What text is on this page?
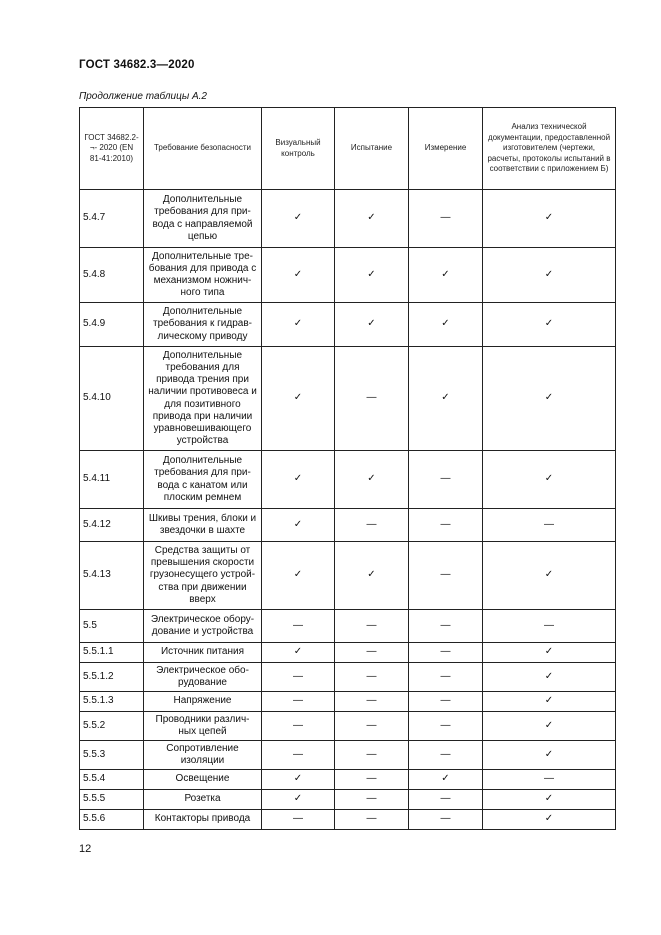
ГОСТ 34682.3—2020
Продолжение таблицы А.2
ГОСТ 34682.2-¬- 2020 (EN 81-41:2010)	Требование безопасности	Визуальный контроль	Испытание	Измерение	Анализ технической документации, предоставленной изготовителем (чертежи, расчеты, протоколы испытаний в соответствии с приложением Б)
5.4.7	Дополнительные требования для при-вода с направляемой цепью	✓	✓	—	✓
5.4.8	Дополнительные тре-бования для привода с механизмом ножнич-ного типа	✓	✓	✓	✓
5.4.9	Дополнительные требования к гидрав-лическому приводу	✓	✓	✓	✓
5.4.10	Дополнительные требования для привода трения при наличии противовеса и для позитивного привода при наличии уравновешивающего устройства	✓	—	✓	✓
5.4.11	Дополнительные требования для при-вода с канатом или плоским ремнем	✓	✓	—	✓
5.4.12	Шкивы трения, блоки и звездочки в шахте	✓	—	—	—
5.4.13	Средства защиты от превышения скорости грузонесущего устрой-ства при движении вверх	✓	✓	—	✓
5.5	Электрическое обору-дование и устройства	—	—	—	—
5.5.1.1	Источник питания	✓	—	—	✓
5.5.1.2	Электрическое обо-рудование	—	—	—	✓
5.5.1.3	Напряжение	—	—	—	✓
5.5.2	Проводники различ-ных цепей	—	—	—	✓
5.5.3	Сопротивление изоляции	—	—	—	✓
5.5.4	Освещение	✓	—	✓	—
5.5.5	Розетка	✓	—	—	✓
5.5.6	Контакторы привода	—	—	—	✓
12
